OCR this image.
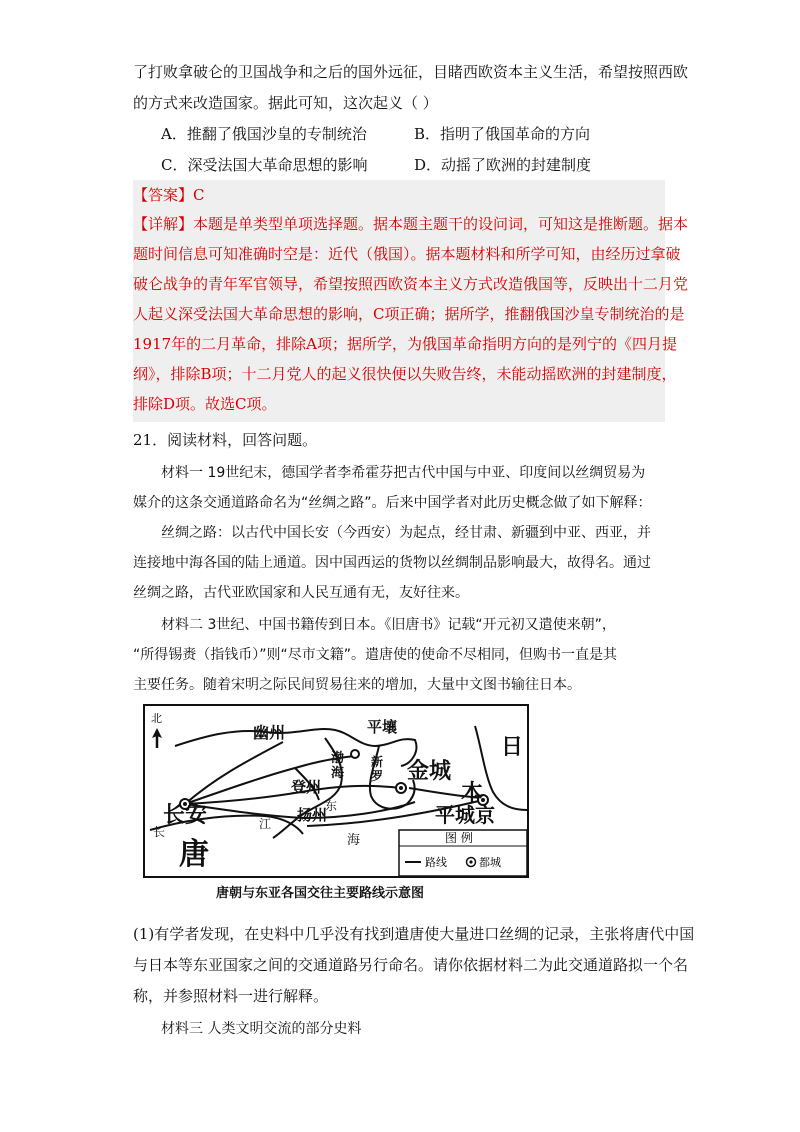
了打败拿破仑的卫国战争和之后的国外远征，目睹西欧资本主义生活，希望按照西欧
的方式来改造国家。据此可知，这次起义（ ）
A．推翻了俄国沙皇的专制统治	B．指明了俄国革命的方向
C．深受法国大革命思想的影响	D．动摇了欧洲的封建制度
【答案】C
【详解】本题是单类型单项选择题。据本题主题干的设问词，可知这是推断题。据本
题时间信息可知准确时空是：近代（俄国）。据本题材料和所学可知，由经历过拿破
破仑战争的青年军官领导，希望按照西欧资本主义方式改造俄国等，反映出十二月党
人起义深受法国大革命思想的影响，C项正确；据所学，推翻俄国沙皇专制统治的是
1917年的二月革命，排除A项；据所学，为俄国革命指明方向的是列宁的《四月提
纲》，排除B项；十二月党人的起义很快便以失败告终，未能动摇欧洲的封建制度，
排除D项。故选C项。
21．阅读材料，回答问题。
材料一 19世纪末，德国学者李希霍芬把古代中国与中亚、印度间以丝绸贸易为
媒介的这条交通道路命名为“丝绸之路”。后来中国学者对此历史概念做了如下解释：
丝绸之路：以古代中国长安（今西安）为起点，经甘肃、新疆到中亚、西亚，并
连接地中海各国的陆上通道。因中国西运的货物以丝绸制品影响最大，故得名。通过
丝绸之路，古代亚欧国家和人民互通有无，友好往来。
材料二 3世纪、中国书籍传到日本。《旧唐书》记载“开元初又遣使来朝”，
“所得锡赉（指钱币）”则“尽市文籍”。遣唐使的使命不尽相同，但购书一直是其
主要任务。随着宋明之际民间贸易往来的增加，大量中文图书输往日本。
北
幽州	平壤
渤
海
新
罗
登州
金城
日
本
东
长安	扬州	平城京
江
长
海
唐	图 例
路线	都城
唐朝与东亚各国交往主要路线示意图
(1)有学者发现，在史料中几乎没有找到遣唐使大量进口丝绸的记录，主张将唐代中国
与日本等东亚国家之间的交通道路另行命名。请你依据材料二为此交通道路拟一个名
称，并参照材料一进行解释。
材料三 人类文明交流的部分史料
